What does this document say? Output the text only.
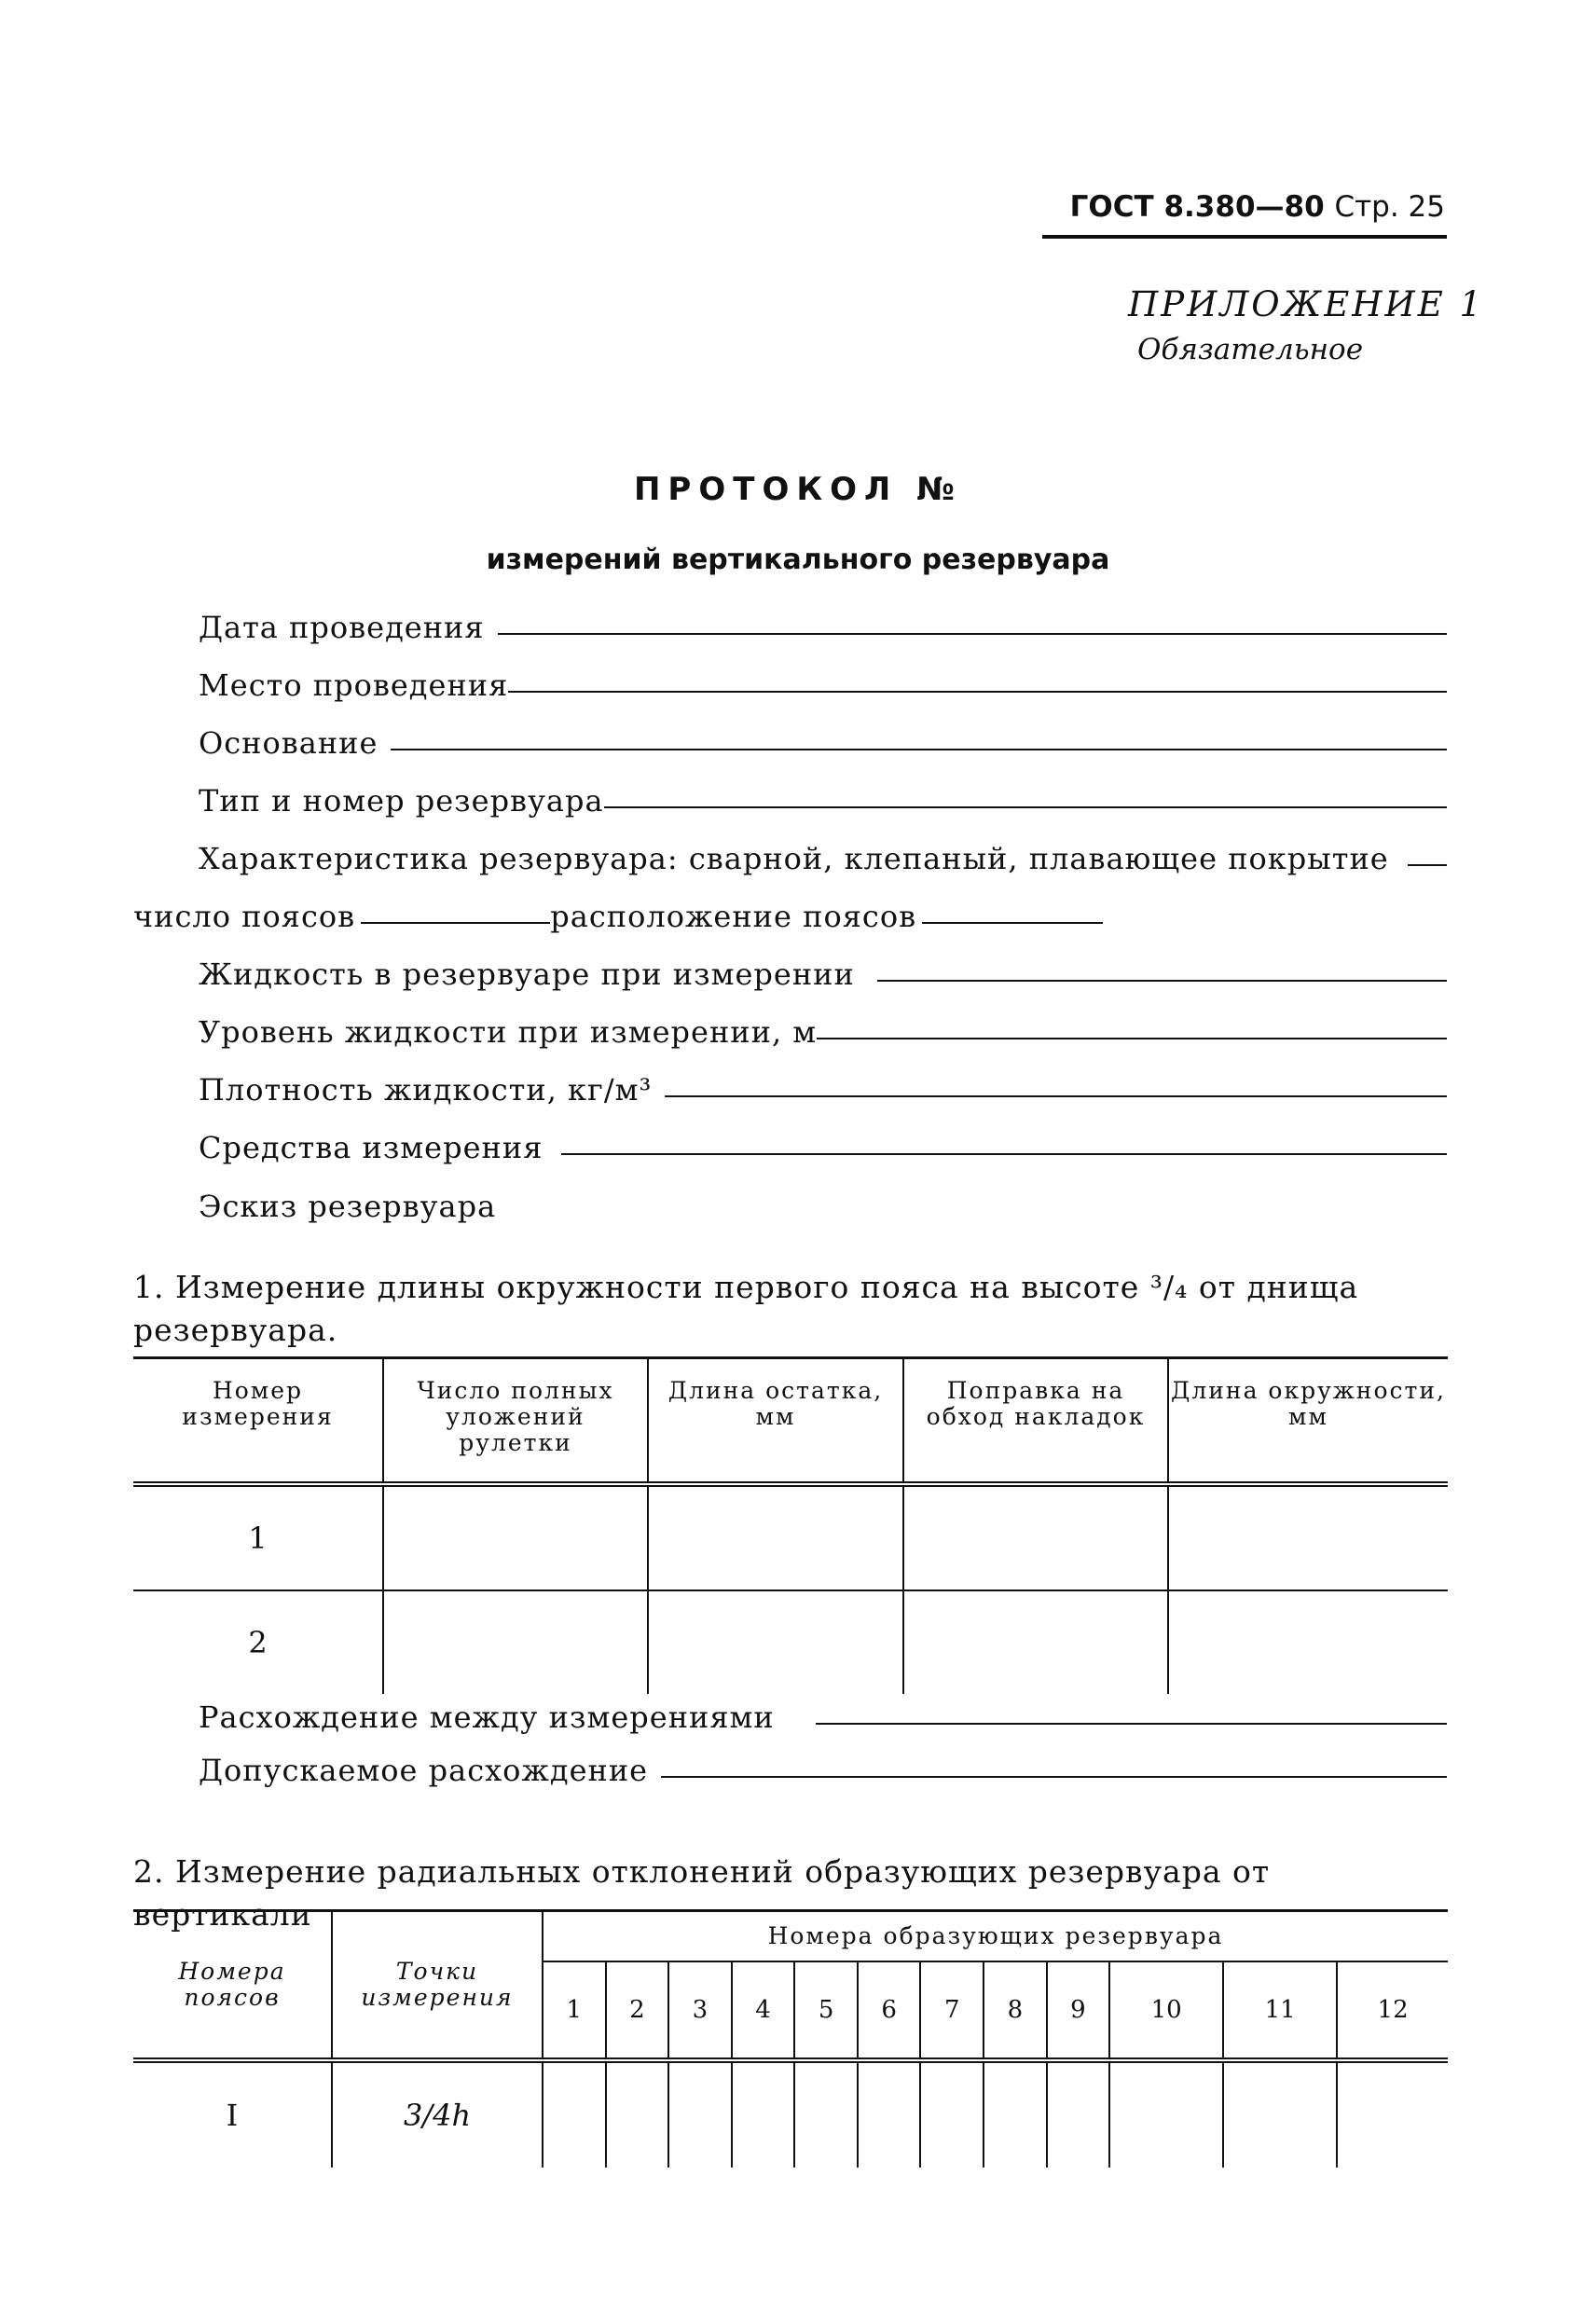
ГОСТ 8.380—80 Стр. 25
ПРИЛОЖЕНИЕ 1
Обязательное
ПРОТОКОЛ №
измерений вертикального резервуара
Дата проведения
Место проведения
Основание
Тип и номер резервуара
Характеристика резервуара: сварной, клепаный, плавающее покрытие
число поясов	расположение поясов
Жидкость в резервуаре при измерении
Уровень жидкости при измерении, м
Плотность жидкости, кг/м³
Средства измерения
Эскиз резервуара
1. Измерение длины окружности первого пояса на высоте ³/₄ от днища резервуара.
Номер измерения	Число полных уложений рулетки	Длина остатка, мм	Поправка на обход накладок	Длина окружности, мм
1				
2				
Расхождение между измерениями
Допускаемое расхождение
2. Измерение радиальных отклонений образующих резервуара от вертикали
Номера поясов	Точки измерения	Номера образующих резервуара											
		1	2	3	4	5	6	7	8	9	10	11	12
I	3/4h												
